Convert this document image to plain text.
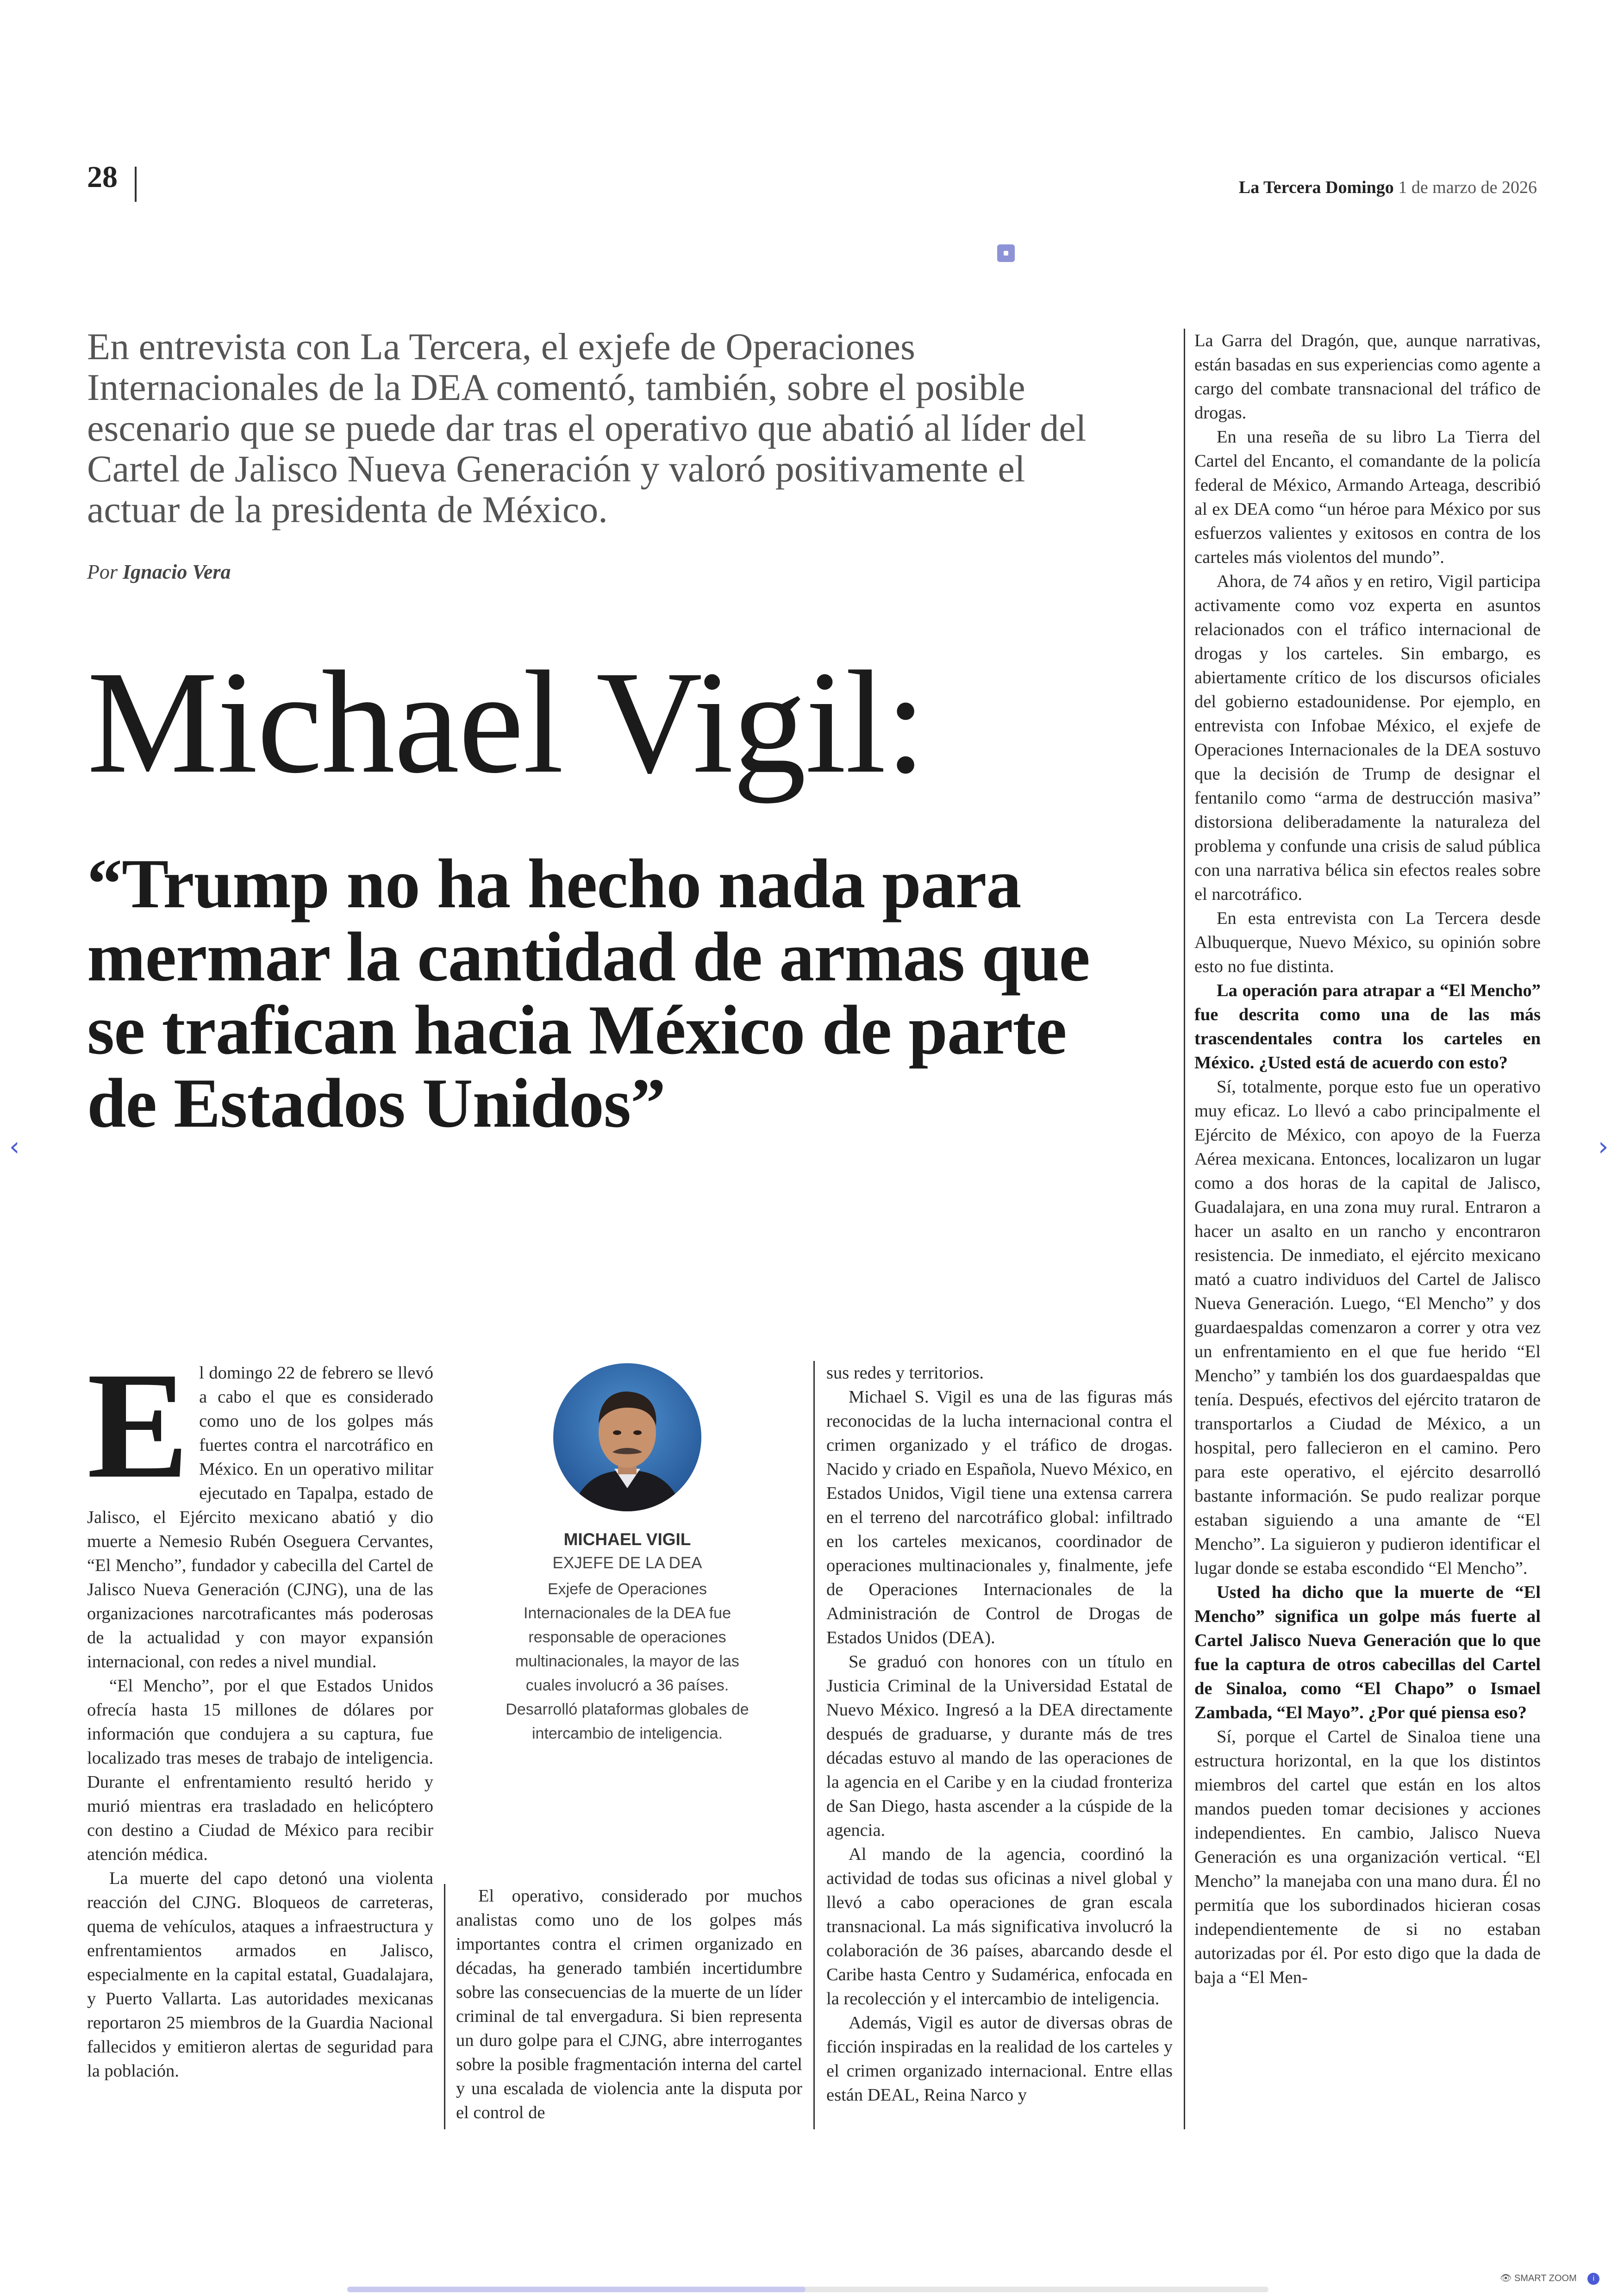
28	La Tercera Domingo 1 de marzo de 2026

En entrevista con La Tercera, el exjefe de Operaciones Internacionales de la DEA comentó, también, sobre el posible escenario que se puede dar tras el operativo que abatió al líder del Cartel de Jalisco Nueva Generación y valoró positivamente el actuar de la presidenta de México.

Por Ignacio Vera
Michael Vigil:
“Trump no ha hecho nada para mermar la cantidad de armas que se trafican hacia México de parte de Estados Unidos”
E l domingo 22 de febrero se llevó a cabo el que es considerado como uno de los golpes más fuertes contra el narcotráfico en México. En un operativo militar ejecutado en Tapalpa, estado de Jalisco, el Ejército mexicano abatió y dio muerte a Nemesio Rubén Oseguera Cervantes, “El Mencho”, fundador y cabecilla del Cartel de Jalisco Nueva Generación (CJNG), una de las organizaciones narcotraficantes más poderosas de la actualidad y con mayor expansión internacional, con redes a nivel mundial.

“El Mencho”, por el que Estados Unidos ofrecía hasta 15 millones de dólares por información que condujera a su captura, fue localizado tras meses de trabajo de inteligencia. Durante el enfrentamiento resultó herido y murió mientras era trasladado en helicóptero con destino a Ciudad de México para recibir atención médica.

La muerte del capo detonó una violenta reacción del CJNG. Bloqueos de carreteras, quema de vehículos, ataques a infraestructura y enfrentamientos armados en Jalisco, especialmente en la capital estatal, Guadalajara, y Puerto Vallarta. Las autoridades mexicanas reportaron 25 miembros de la Guardia Nacional fallecidos y emitieron alertas de seguridad para la población.

MICHAEL VIGIL
EXJEFE DE LA DEA
Exjefe de Operaciones Internacionales de la DEA fue responsable de operaciones multinacionales, la mayor de las cuales involucró a 36 países. Desarrolló plataformas globales de intercambio de inteligencia.

El operativo, considerado por muchos analistas como uno de los golpes más importantes contra el crimen organizado en décadas, ha generado también incertidumbre sobre las consecuencias de la muerte de un líder criminal de tal envergadura. Si bien representa un duro golpe para el CJNG, abre interrogantes sobre la posible fragmentación interna del cartel y una escalada de violencia ante la disputa por el control de

sus redes y territorios.

Michael S. Vigil es una de las figuras más reconocidas de la lucha internacional contra el crimen organizado y el tráfico de drogas. Nacido y criado en Española, Nuevo México, en Estados Unidos, Vigil tiene una extensa carrera en el terreno del narcotráfico global: infiltrado en los carteles mexicanos, coordinador de operaciones multinacionales y, finalmente, jefe de Operaciones Internacionales de la Administración de Control de Drogas de Estados Unidos (DEA).

Se graduó con honores con un título en Justicia Criminal de la Universidad Estatal de Nuevo México. Ingresó a la DEA directamente después de graduarse, y durante más de tres décadas estuvo al mando de las operaciones de la agencia en el Caribe y en la ciudad fronteriza de San Diego, hasta ascender a la cúspide de la agencia.

Al mando de la agencia, coordinó la actividad de todas sus oficinas a nivel global y llevó a cabo operaciones de gran escala transnacional. La más significativa involucró la colaboración de 36 países, abarcando desde el Caribe hasta Centro y Sudamérica, enfocada en la recolección y el intercambio de inteligencia.

Además, Vigil es autor de diversas obras de ficción inspiradas en la realidad de los carteles y el crimen organizado internacional. Entre ellas están DEAL, Reina Narco y

La Garra del Dragón, que, aunque narrativas, están basadas en sus experiencias como agente a cargo del combate transnacional del tráfico de drogas.

En una reseña de su libro La Tierra del Cartel del Encanto, el comandante de la policía federal de México, Armando Arteaga, describió al ex DEA como “un héroe para México por sus esfuerzos valientes y exitosos en contra de los carteles más violentos del mundo”.

Ahora, de 74 años y en retiro, Vigil participa activamente como voz experta en asuntos relacionados con el tráfico internacional de drogas y los carteles. Sin embargo, es abiertamente crítico de los discursos oficiales del gobierno estadounidense. Por ejemplo, en entrevista con Infobae México, el exjefe de Operaciones Internacionales de la DEA sostuvo que la decisión de Trump de designar el fentanilo como “arma de destrucción masiva” distorsiona deliberadamente la naturaleza del problema y confunde una crisis de salud pública con una narrativa bélica sin efectos reales sobre el narcotráfico.

En esta entrevista con La Tercera desde Albuquerque, Nuevo México, su opinión sobre esto no fue distinta.

La operación para atrapar a “El Mencho” fue descrita como una de las más trascendentales contra los carteles en México. ¿Usted está de acuerdo con esto?

Sí, totalmente, porque esto fue un operativo muy eficaz. Lo llevó a cabo principalmente el Ejército de México, con apoyo de la Fuerza Aérea mexicana. Entonces, localizaron un lugar como a dos horas de la capital de Jalisco, Guadalajara, en una zona muy rural. Entraron a hacer un asalto en un rancho y encontraron resistencia. De inmediato, el ejército mexicano mató a cuatro individuos del Cartel de Jalisco Nueva Generación. Luego, “El Mencho” y dos guardaespaldas comenzaron a correr y otra vez un enfrentamiento en el que fue herido “El Mencho” y también los dos guardaespaldas que tenía. Después, efectivos del ejército trataron de transportarlos a Ciudad de México, a un hospital, pero fallecieron en el camino. Pero para este operativo, el ejército desarrolló bastante información. Se pudo realizar porque estaban siguiendo a una amante de “El Mencho”. La siguieron y pudieron identificar el lugar donde se estaba escondido “El Mencho”.

Usted ha dicho que la muerte de “El Mencho” significa un golpe más fuerte al Cartel Jalisco Nueva Generación que lo que fue la captura de otros cabecillas del Cartel de Sinaloa, como “El Chapo” o Ismael Zambada, “El Mayo”. ¿Por qué piensa eso?

Sí, porque el Cartel de Sinaloa tiene una estructura horizontal, en la que los distintos miembros del cartel que están en los altos mandos pueden tomar decisiones y acciones independientes. En cambio, Jalisco Nueva Generación es una organización vertical. “El Mencho” la manejaba con una mano dura. Él no permitía que los subordinados hicieran cosas independientemente de si no estaban autorizadas por él. Por esto digo que la dada de baja a “El Men-

‹	›
👁 SMART ZOOM i
